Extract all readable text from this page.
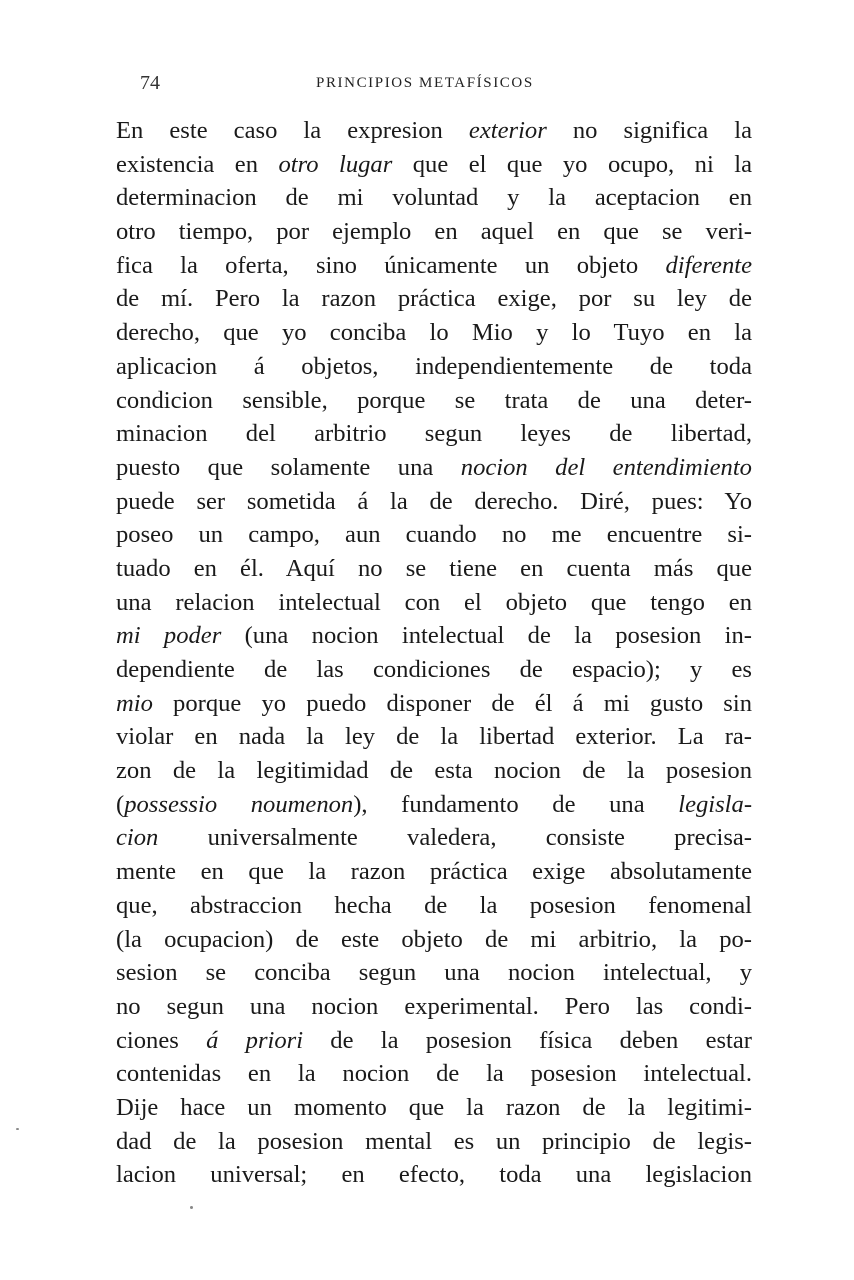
74	PRINCIPIOS METAFÍSICOS
En este caso la expresion exterior no significa la
existencia en otro lugar que el que yo ocupo, ni la
determinacion de mi voluntad y la aceptacion en
otro tiempo, por ejemplo en aquel en que se veri-
fica la oferta, sino únicamente un objeto diferente
de mí. Pero la razon práctica exige, por su ley de
derecho, que yo conciba lo Mio y lo Tuyo en la
aplicacion á objetos, independientemente de toda
condicion sensible, porque se trata de una deter-
minacion del arbitrio segun leyes de libertad,
puesto que solamente una nocion del entendimiento
puede ser sometida á la de derecho. Diré, pues: Yo
poseo un campo, aun cuando no me encuentre si-
tuado en él. Aquí no se tiene en cuenta más que
una relacion intelectual con el objeto que tengo en
mi poder (una nocion intelectual de la posesion in-
dependiente de las condiciones de espacio); y es
mio porque yo puedo disponer de él á mi gusto sin
violar en nada la ley de la libertad exterior. La ra-
zon de la legitimidad de esta nocion de la posesion
(possessio noumenon), fundamento de una legisla-
cion universalmente valedera, consiste precisa-
mente en que la razon práctica exige absolutamente
que, abstraccion hecha de la posesion fenomenal
(la ocupacion) de este objeto de mi arbitrio, la po-
sesion se conciba segun una nocion intelectual, y
no segun una nocion experimental. Pero las condi-
ciones á priori de la posesion física deben estar
contenidas en la nocion de la posesion intelectual.
Dije hace un momento que la razon de la legitimi-
dad de la posesion mental es un principio de legis-
lacion universal; en efecto, toda una legislacion
